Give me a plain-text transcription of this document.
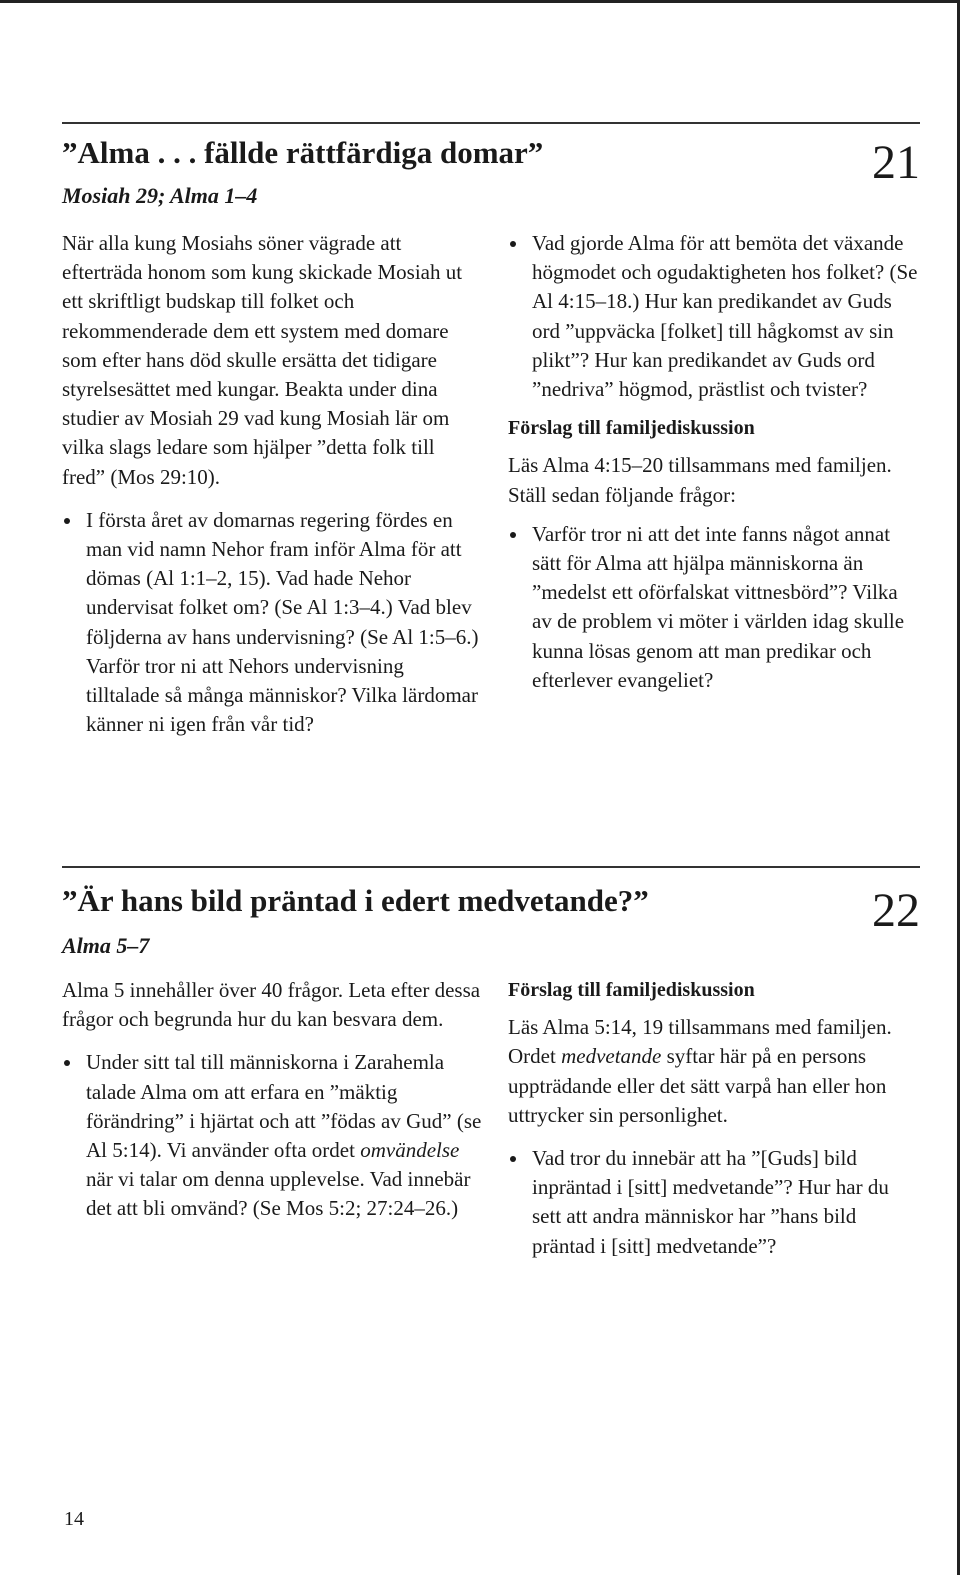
”Alma . . . fällde rättfärdiga domar”	21
Mosiah 29; Alma 1–4

När alla kung Mosiahs söner vägrade att efterträda honom som kung skickade Mosiah ut ett skriftligt budskap till folket och rekommenderade dem ett system med domare som efter hans död skulle ersätta det tidigare styrelsesättet med kungar. Beakta under dina studier av Mosiah 29 vad kung Mosiah lär om vilka slags ledare som hjälper ”detta folk till fred” (Mos 29:10).

I första året av domarnas regering fördes en man vid namn Nehor fram inför Alma för att dömas (Al 1:1–2, 15). Vad hade Nehor undervisat folket om? (Se Al 1:3–4.) Vad blev följderna av hans undervisning? (Se Al 1:5–6.) Varför tror ni att Nehors undervisning tilltalade så många människor? Vilka lärdomar känner ni igen från vår tid?
Vad gjorde Alma för att bemöta det växande högmodet och ogudaktigheten hos folket? (Se Al 4:15–18.) Hur kan predikandet av Guds ord ”uppväcka [folket] till hågkomst av sin plikt”? Hur kan predikandet av Guds ord ”nedriva” högmod, prästlist och tvister?

Förslag till familjediskussion

Läs Alma 4:15–20 tillsammans med familjen. Ställ sedan följande frågor:

Varför tror ni att det inte fanns något annat sätt för Alma att hjälpa människorna än ”medelst ett oförfalskat vittnesbörd”? Vilka av de problem vi möter i världen idag skulle kunna lösas genom att man predikar och efterlever evangeliet?
”Är hans bild präntad i edert medvetande?”	22
Alma 5–7

Alma 5 innehåller över 40 frågor. Leta efter dessa frågor och begrunda hur du kan besvara dem.

Under sitt tal till människorna i Zarahemla talade Alma om att erfara en ”mäktig förändring” i hjärtat och att ”födas av Gud” (se Al 5:14). Vi använder ofta ordet omvändelse när vi talar om denna upplevelse. Vad innebär det att bli omvänd? (Se Mos 5:2; 27:24–26.)

Förslag till familjediskussion

Läs Alma 5:14, 19 tillsammans med familjen. Ordet medvetande syftar här på en persons uppträdande eller det sätt varpå han eller hon uttrycker sin personlighet.

Vad tror du innebär att ha ”[Guds] bild inpräntad i [sitt] medvetande”? Hur har du sett att andra människor har ”hans bild präntad i [sitt] medvetande”?
14
